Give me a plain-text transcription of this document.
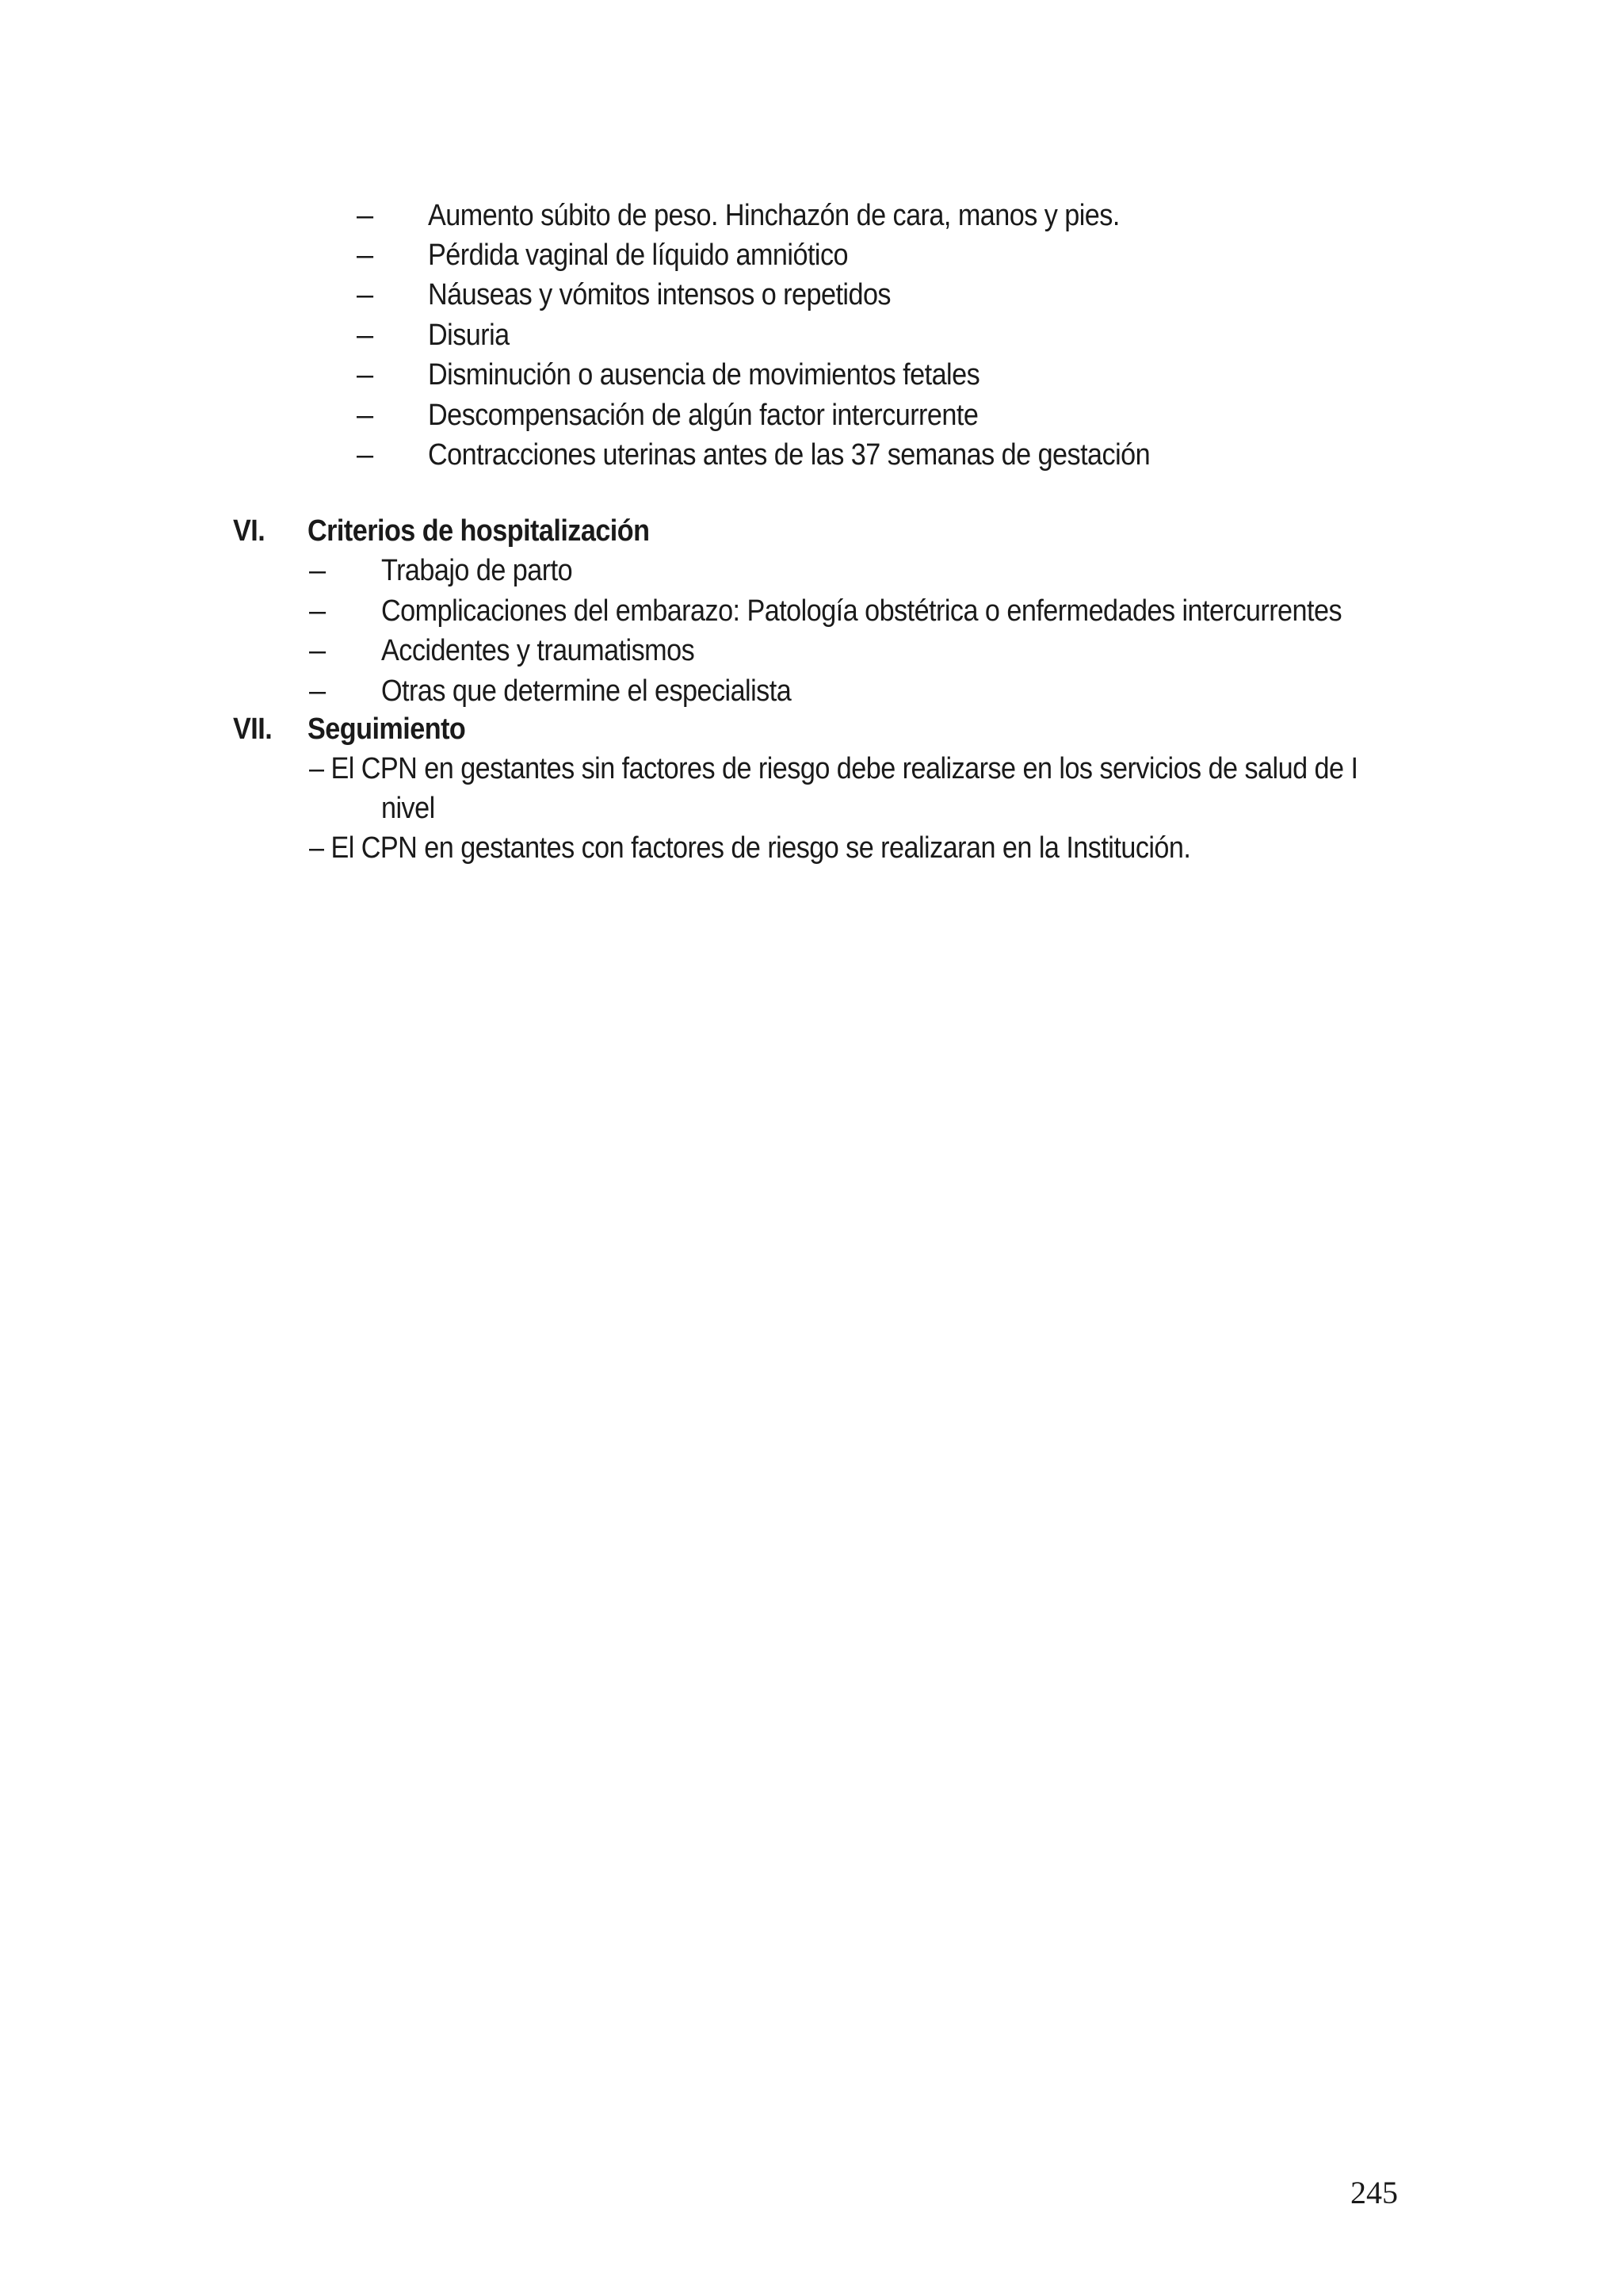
– Aumento súbito de peso. Hinchazón de cara, manos y pies.
– Pérdida vaginal de líquido amniótico
– Náuseas y vómitos intensos o repetidos
– Disuria
– Disminución o ausencia de movimientos fetales
– Descompensación de algún factor intercurrente
– Contracciones uterinas antes de las 37 semanas de gestación
VI. Criterios de hospitalización
– Trabajo de parto
– Complicaciones del embarazo: Patología obstétrica o enfermedades intercurrentes
– Accidentes y traumatismos
– Otras que determine el especialista
VII. Seguimiento
– El CPN en gestantes sin factores de riesgo debe realizarse en los servicios de salud de I
nivel
– El CPN en gestantes con factores de riesgo se realizaran en la Institución.
245
